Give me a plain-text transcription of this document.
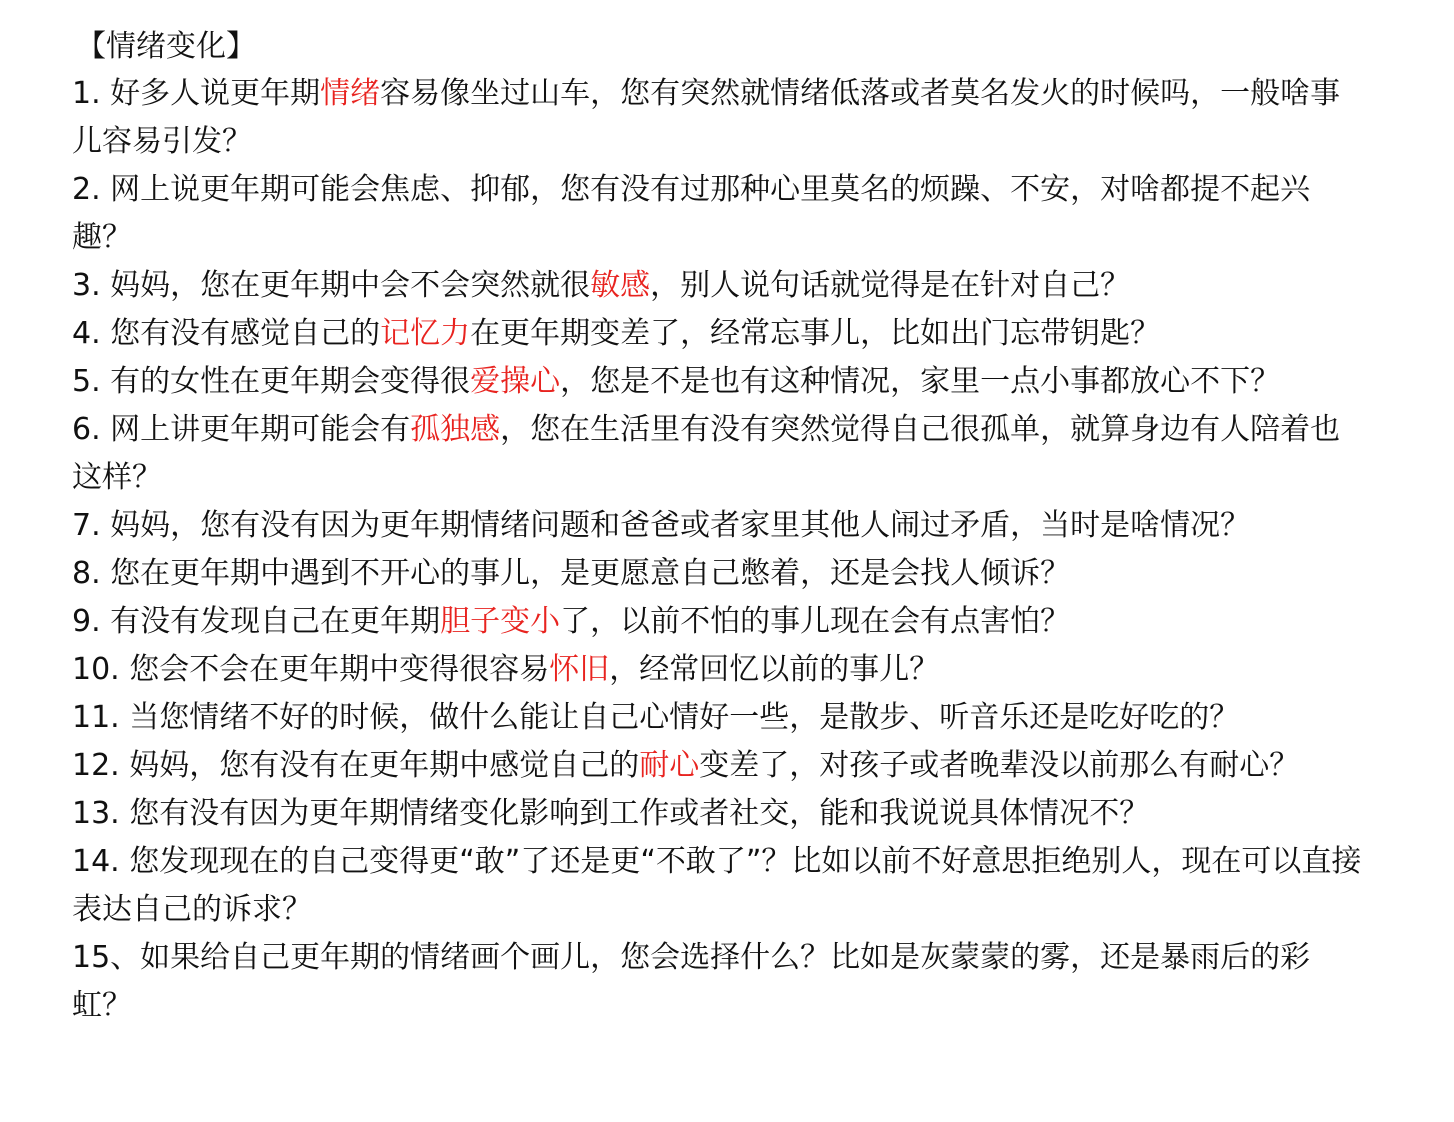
【情绪变化】

1. 好多人说更年期情绪容易像坐过山车，您有突然就情绪低落或者莫名发火的时候吗，一般啥事儿容易引发？

2. 网上说更年期可能会焦虑、抑郁，您有没有过那种心里莫名的烦躁、不安，对啥都提不起兴趣？

3. 妈妈，您在更年期中会不会突然就很敏感，别人说句话就觉得是在针对自己？

4. 您有没有感觉自己的记忆力在更年期变差了，经常忘事儿，比如出门忘带钥匙？

5. 有的女性在更年期会变得很爱操心，您是不是也有这种情况，家里一点小事都放心不下？

6. 网上讲更年期可能会有孤独感，您在生活里有没有突然觉得自己很孤单，就算身边有人陪着也这样？

7. 妈妈，您有没有因为更年期情绪问题和爸爸或者家里其他人闹过矛盾，当时是啥情况？

8. 您在更年期中遇到不开心的事儿，是更愿意自己憋着，还是会找人倾诉？

9. 有没有发现自己在更年期胆子变小了，以前不怕的事儿现在会有点害怕？

10. 您会不会在更年期中变得很容易怀旧，经常回忆以前的事儿？

11. 当您情绪不好的时候，做什么能让自己心情好一些，是散步、听音乐还是吃好吃的？

12. 妈妈，您有没有在更年期中感觉自己的耐心变差了，对孩子或者晚辈没以前那么有耐心？

13. 您有没有因为更年期情绪变化影响到工作或者社交，能和我说说具体情况不？

14. 您发现现在的自己变得更“敢”了还是更“不敢了”？比如以前不好意思拒绝别人，现在可以直接表达自己的诉求？

15、如果给自己更年期的情绪画个画儿，您会选择什么？比如是灰蒙蒙的雾，还是暴雨后的彩虹？
